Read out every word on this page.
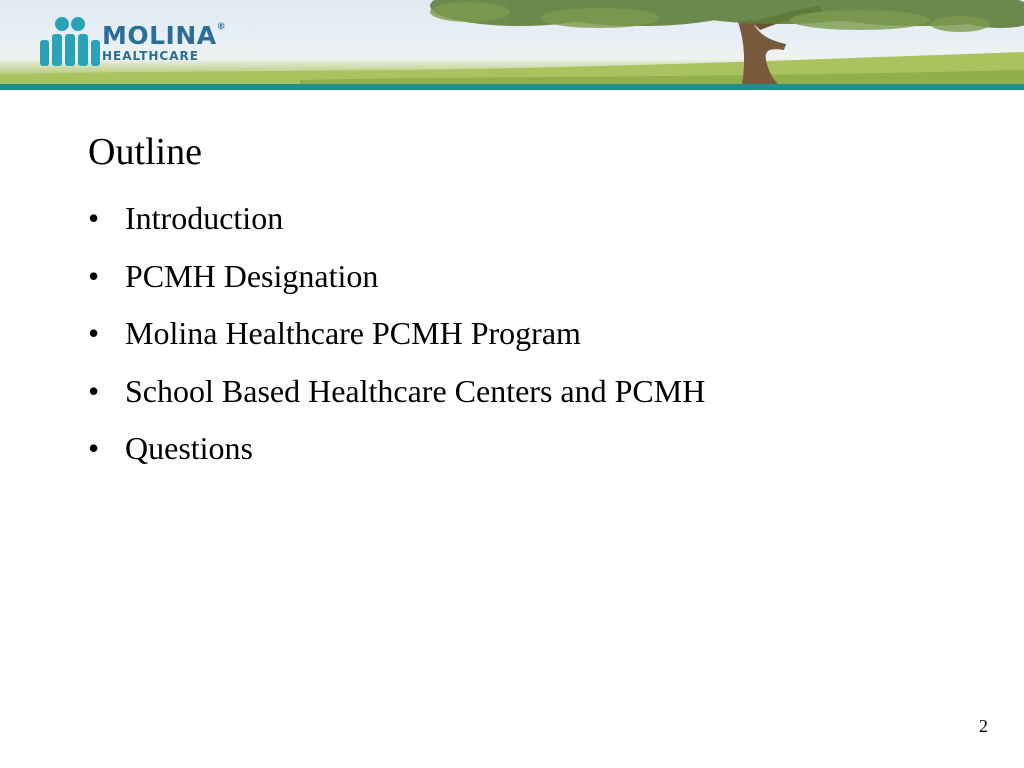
MOLINA®
HEALTHCARE
Outline
• Introduction
• PCMH Designation
• Molina Healthcare PCMH Program
• School Based Healthcare Centers and PCMH
• Questions
2
